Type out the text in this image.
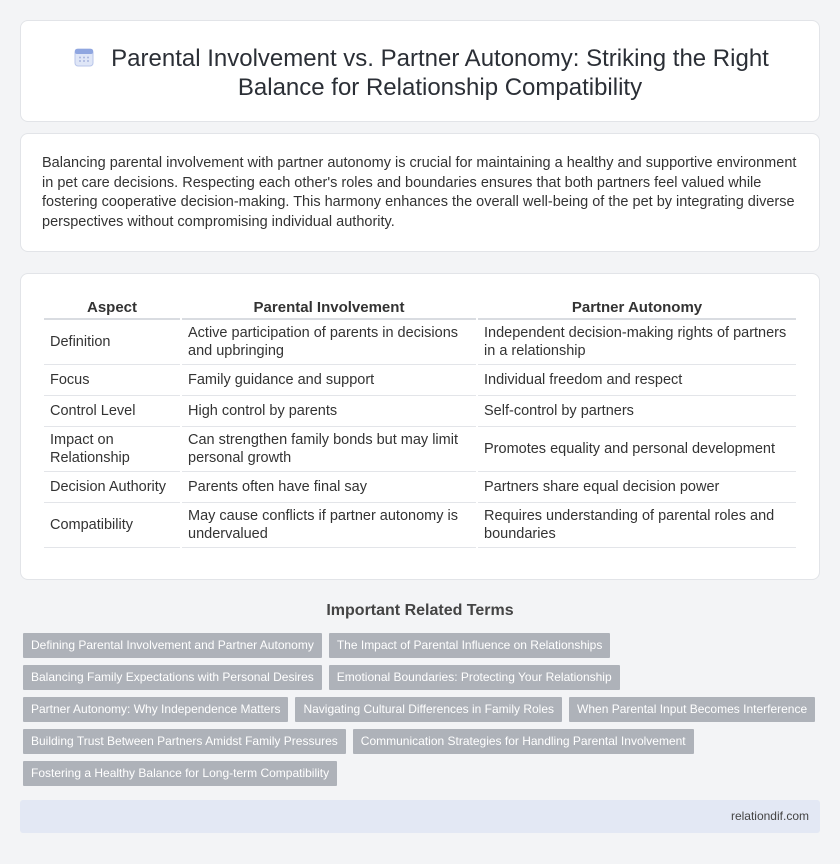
Parental Involvement vs. Partner Autonomy: Striking the Right Balance for Relationship Compatibility

Balancing parental involvement with partner autonomy is crucial for maintaining a healthy and supportive environment in pet care decisions. Respecting each other's roles and boundaries ensures that both partners feel valued while fostering cooperative decision-making. This harmony enhances the overall well-being of the pet by integrating diverse perspectives without compromising individual authority.

Aspect	Parental Involvement	Partner Autonomy
Definition	Active participation of parents in decisions and upbringing	Independent decision-making rights of partners in a relationship
Focus	Family guidance and support	Individual freedom and respect
Control Level	High control by parents	Self-control by partners
Impact on Relationship	Can strengthen family bonds but may limit personal growth	Promotes equality and personal development
Decision Authority	Parents often have final say	Partners share equal decision power
Compatibility	May cause conflicts if partner autonomy is undervalued	Requires understanding of parental roles and boundaries
Important Related Terms
Defining Parental Involvement and Partner Autonomy	The Impact of Parental Influence on Relationships
Balancing Family Expectations with Personal Desires	Emotional Boundaries: Protecting Your Relationship
Partner Autonomy: Why Independence Matters	Navigating Cultural Differences in Family Roles	When Parental Input Becomes Interference
Building Trust Between Partners Amidst Family Pressures	Communication Strategies for Handling Parental Involvement
Fostering a Healthy Balance for Long-term Compatibility
relationdif.com
